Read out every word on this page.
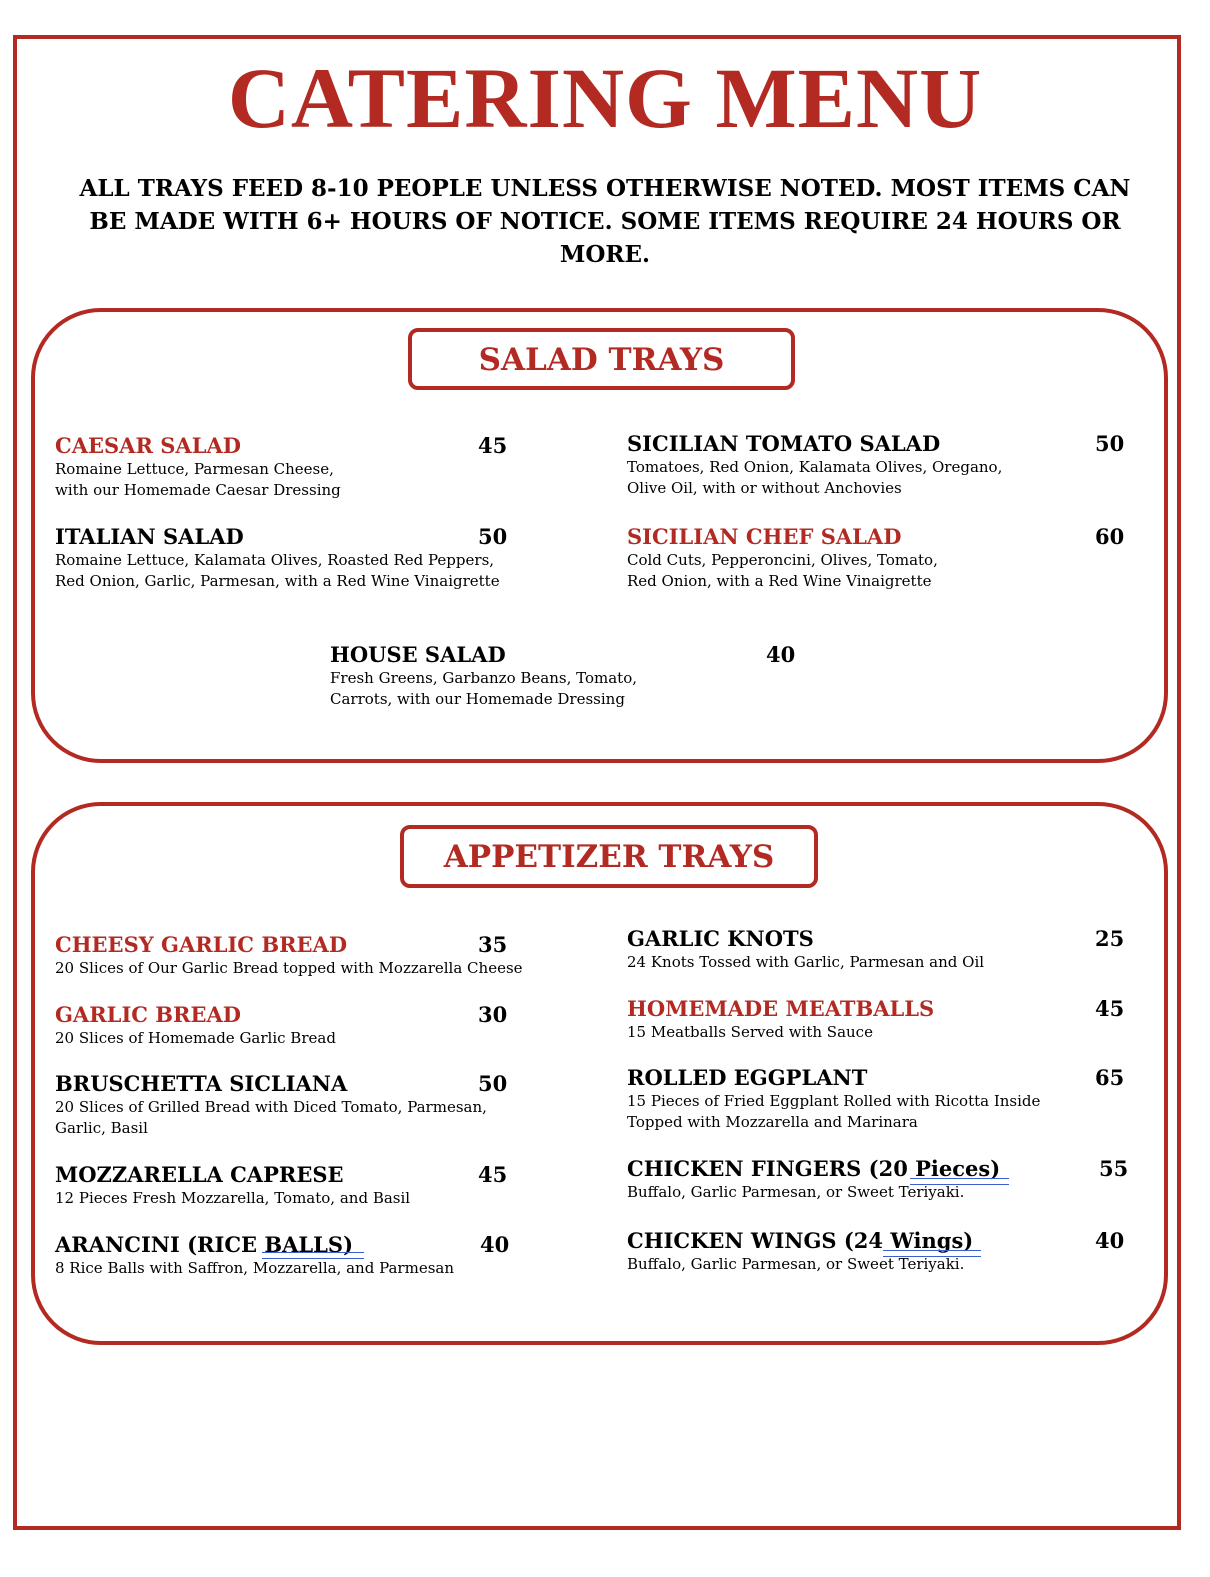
CATERING MENU
ALL TRAYS FEED 8-10 PEOPLE UNLESS OTHERWISE NOTED. MOST ITEMS CAN BE MADE WITH 6+ HOURS OF NOTICE. SOME ITEMS REQUIRE 24 HOURS OR MORE.
SALAD TRAYS
CAESAR SALAD	45
Romaine Lettuce, Parmesan Cheese,
with our Homemade Caesar Dressing
SICILIAN TOMATO SALAD	50
Tomatoes, Red Onion, Kalamata Olives, Oregano,
Olive Oil, with or without Anchovies
ITALIAN SALAD	50
Romaine Lettuce, Kalamata Olives, Roasted Red Peppers,
Red Onion, Garlic, Parmesan, with a Red Wine Vinaigrette
SICILIAN CHEF SALAD	60
Cold Cuts, Pepperoncini, Olives, Tomato,
Red Onion, with a Red Wine Vinaigrette
HOUSE SALAD	40
Fresh Greens, Garbanzo Beans, Tomato,
Carrots, with our Homemade Dressing
APPETIZER TRAYS
CHEESY GARLIC BREAD	35
20 Slices of Our Garlic Bread topped with Mozzarella Cheese
GARLIC KNOTS	25
24 Knots Tossed with Garlic, Parmesan and Oil
GARLIC BREAD	30
20 Slices of Homemade Garlic Bread
HOMEMADE MEATBALLS	45
15 Meatballs Served with Sauce
BRUSCHETTA SICLIANA	50
20 Slices of Grilled Bread with Diced Tomato, Parmesan,
Garlic, Basil
ROLLED EGGPLANT	65
15 Pieces of Fried Eggplant Rolled with Ricotta Inside
Topped with Mozzarella and Marinara
MOZZARELLA CAPRESE	45
12 Pieces Fresh Mozzarella, Tomato, and Basil
CHICKEN FINGERS (20 Pieces)	55
Buffalo, Garlic Parmesan, or Sweet Teriyaki.
ARANCINI (RICE BALLS)	40
8 Rice Balls with Saffron, Mozzarella, and Parmesan
CHICKEN WINGS (24 Wings)	40
Buffalo, Garlic Parmesan, or Sweet Teriyaki.
